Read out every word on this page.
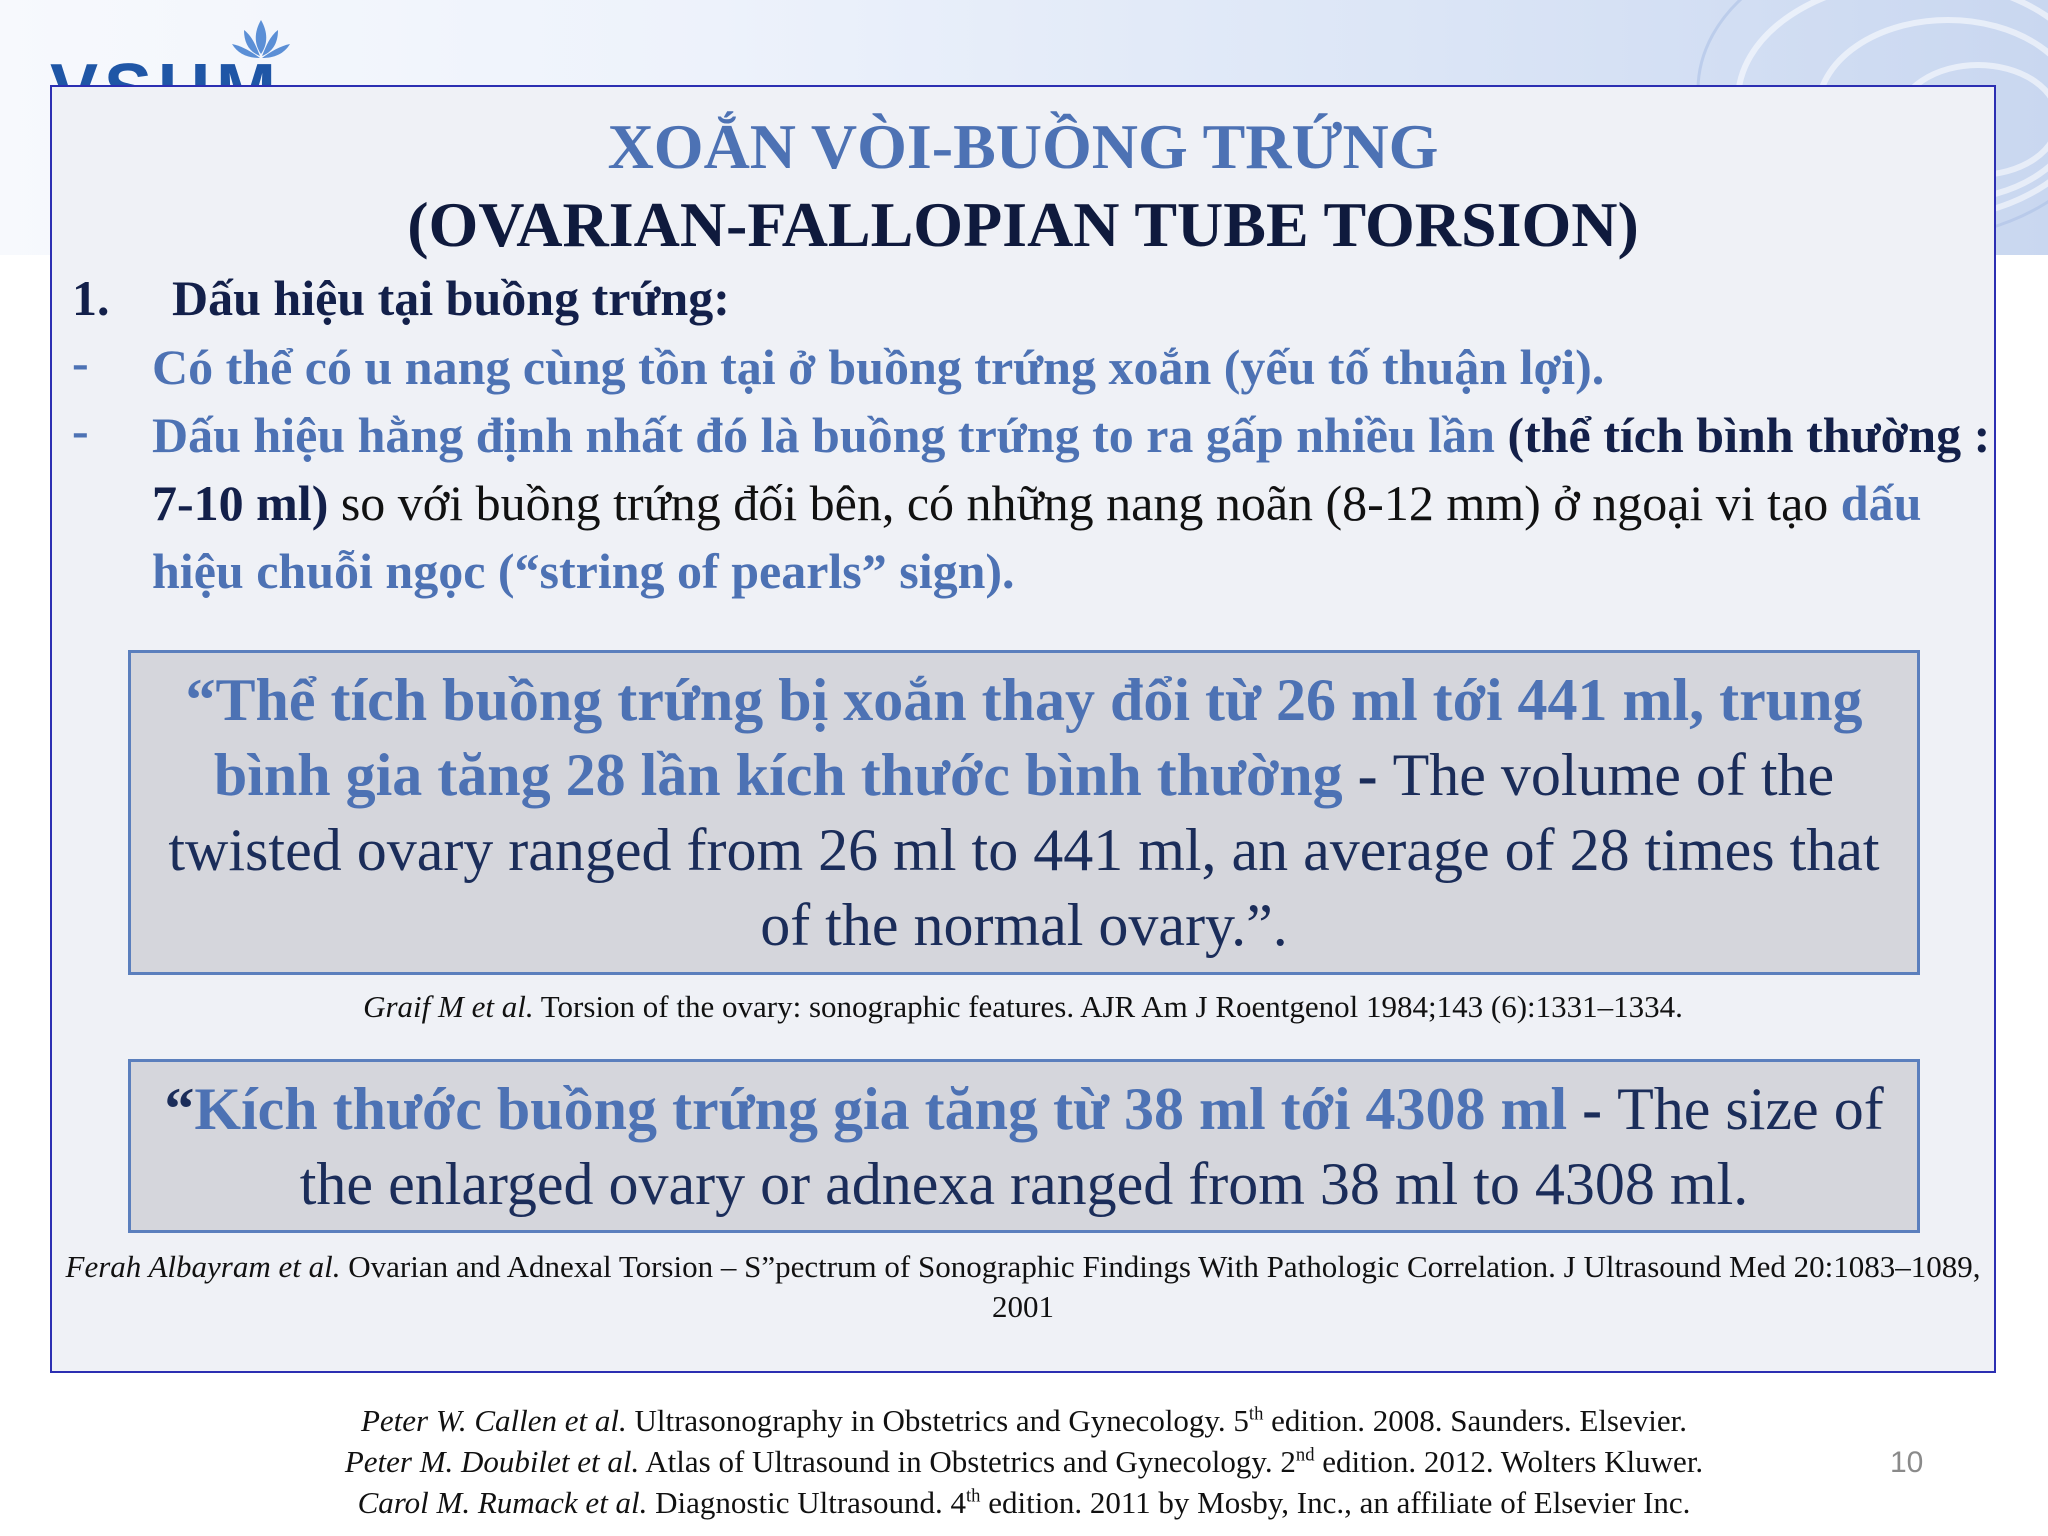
XOẮN VÒI-BUỒNG TRỨNG
(OVARIAN-FALLOPIAN TUBE TORSION)
1. Dấu hiệu tại buồng trứng:
- Có thể có u nang cùng tồn tại ở buồng trứng xoắn (yếu tố thuận lợi).
- Dấu hiệu hằng định nhất đó là buồng trứng to ra gấp nhiều lần (thể tích bình thường : 7-10 ml) so với buồng trứng đối bên, có những nang noãn (8-12 mm) ở ngoại vi tạo dấu hiệu chuỗi ngọc (“string of pearls” sign).
“Thể tích buồng trứng bị xoắn thay đổi từ 26 ml tới 441 ml, trung bình gia tăng 28 lần kích thước bình thường - The volume of the twisted ovary ranged from 26 ml to 441 ml, an average of 28 times that of the normal ovary.”.
Graif M et al. Torsion of the ovary: sonographic features. AJR Am J Roentgenol 1984;143 (6):1331–1334.
“Kích thước buồng trứng gia tăng từ 38 ml tới 4308 ml - The size of the enlarged ovary or adnexa ranged from 38 ml to 4308 ml.
Ferah Albayram et al. Ovarian and Adnexal Torsion – S”pectrum of Sonographic Findings With Pathologic Correlation. J Ultrasound Med 20:1083–1089, 2001
Peter W. Callen et al. Ultrasonography in Obstetrics and Gynecology. 5th edition. 2008. Saunders. Elsevier.
Peter M. Doubilet et al. Atlas of Ultrasound in Obstetrics and Gynecology. 2nd edition. 2012. Wolters Kluwer.
Carol M. Rumack et al. Diagnostic Ultrasound. 4th edition. 2011 by Mosby, Inc., an affiliate of Elsevier Inc.
10
